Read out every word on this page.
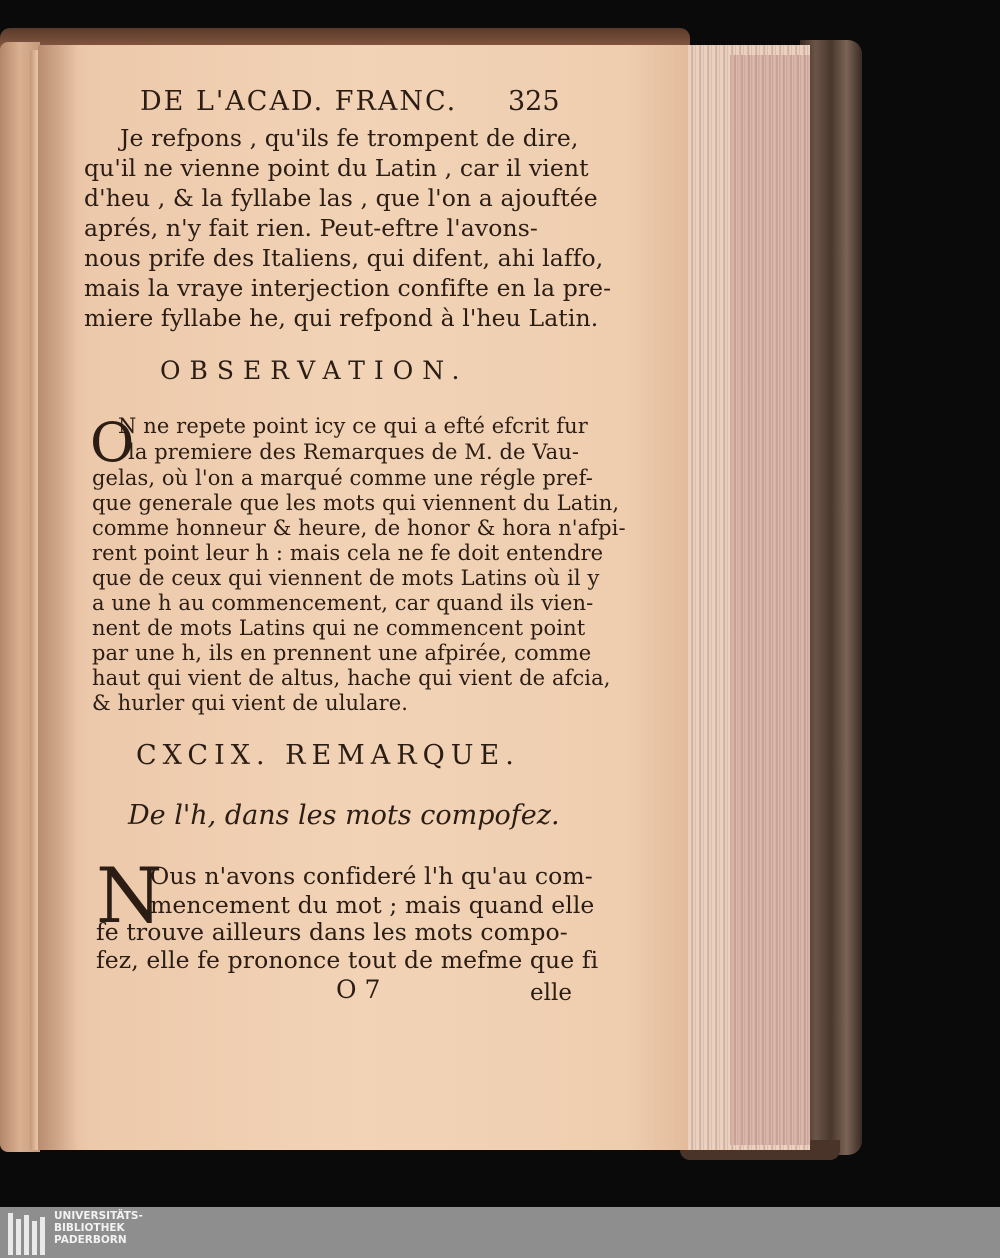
DE L'ACAD. FRANC. 325
Je refpons , qu'ils fe trompent de dire,
qu'il ne vienne point du Latin , car il vient
d'heu , & la fyllabe las , que l'on a ajouftée
aprés, n'y fait rien. Peut-eftre l'avons-
nous prife des Italiens, qui difent, ahi laffo,
mais la vraye interjection confifte en la pre-
miere fyllabe he, qui refpond à l'heu Latin.
OBSERVATION.
O
N ne repete point icy ce qui a efté efcrit fur
la premiere des Remarques de M. de Vau-
gelas, où l'on a marqué comme une régle pref-
que generale que les mots qui viennent du Latin,
comme honneur & heure, de honor & hora n'afpi-
rent point leur h : mais cela ne fe doit entendre
que de ceux qui viennent de mots Latins où il y
a une h au commencement, car quand ils vien-
nent de mots Latins qui ne commencent point
par une h, ils en prennent une afpirée, comme
haut qui vient de altus, hache qui vient de afcia,
& hurler qui vient de ululare.
CXCIX. REMARQUE.
De l'h, dans les mots compofez.
N
Ous n'avons confideré l'h qu'au com-
mencement du mot ; mais quand elle
fe trouve ailleurs dans les mots compo-
fez, elle fe prononce tout de mefme que fi
O 7	elle
UNIVERSITÄTS-
BIBLIOTHEK
PADERBORN
